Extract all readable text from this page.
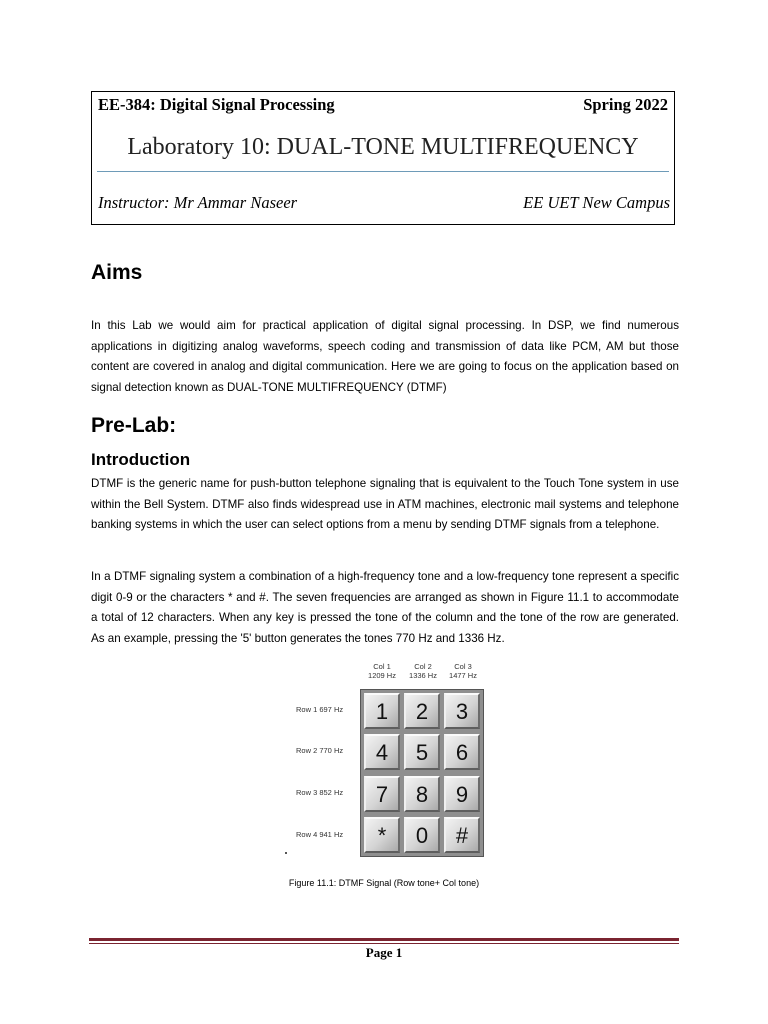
EE-384: Digital Signal Processing	Spring 2022
Laboratory 10: DUAL-TONE MULTIFREQUENCY
Instructor: Mr Ammar Naseer	EE UET New Campus
Aims

In this Lab we would aim for practical application of digital signal processing. In DSP, we find numerous applications in digitizing analog waveforms, speech coding and transmission of data like PCM, AM but those content are covered in analog and digital communication. Here we are going to focus on the application based on signal detection known as DUAL-TONE MULTIFREQUENCY (DTMF)

Pre-Lab:
Introduction

DTMF is the generic name for push-button telephone signaling that is equivalent to the Touch Tone system in use within the Bell System. DTMF also finds widespread use in ATM machines, electronic mail systems and telephone banking systems in which the user can select options from a menu by sending DTMF signals from a telephone.

In a DTMF signaling system a combination of a high-frequency tone and a low-frequency tone represent a specific digit 0-9 or the characters * and #. The seven frequencies are arranged as shown in Figure 11.1 to accommodate a total of 12 characters. When any key is pressed the tone of the column and the tone of the row are generated. As an example, pressing the '5' button generates the tones 770 Hz and 1336 Hz.

Col 1
1209 Hz
Col 2
1336 Hz
Col 3
1477 Hz
Row 1 697 Hz
Row 2 770 Hz
Row 3 852 Hz
Row 4 941 Hz
1	2	3
4	5	6
7	8	9
*	0	#
Figure 11.1: DTMF Signal (Row tone+ Col tone)
Page 1
